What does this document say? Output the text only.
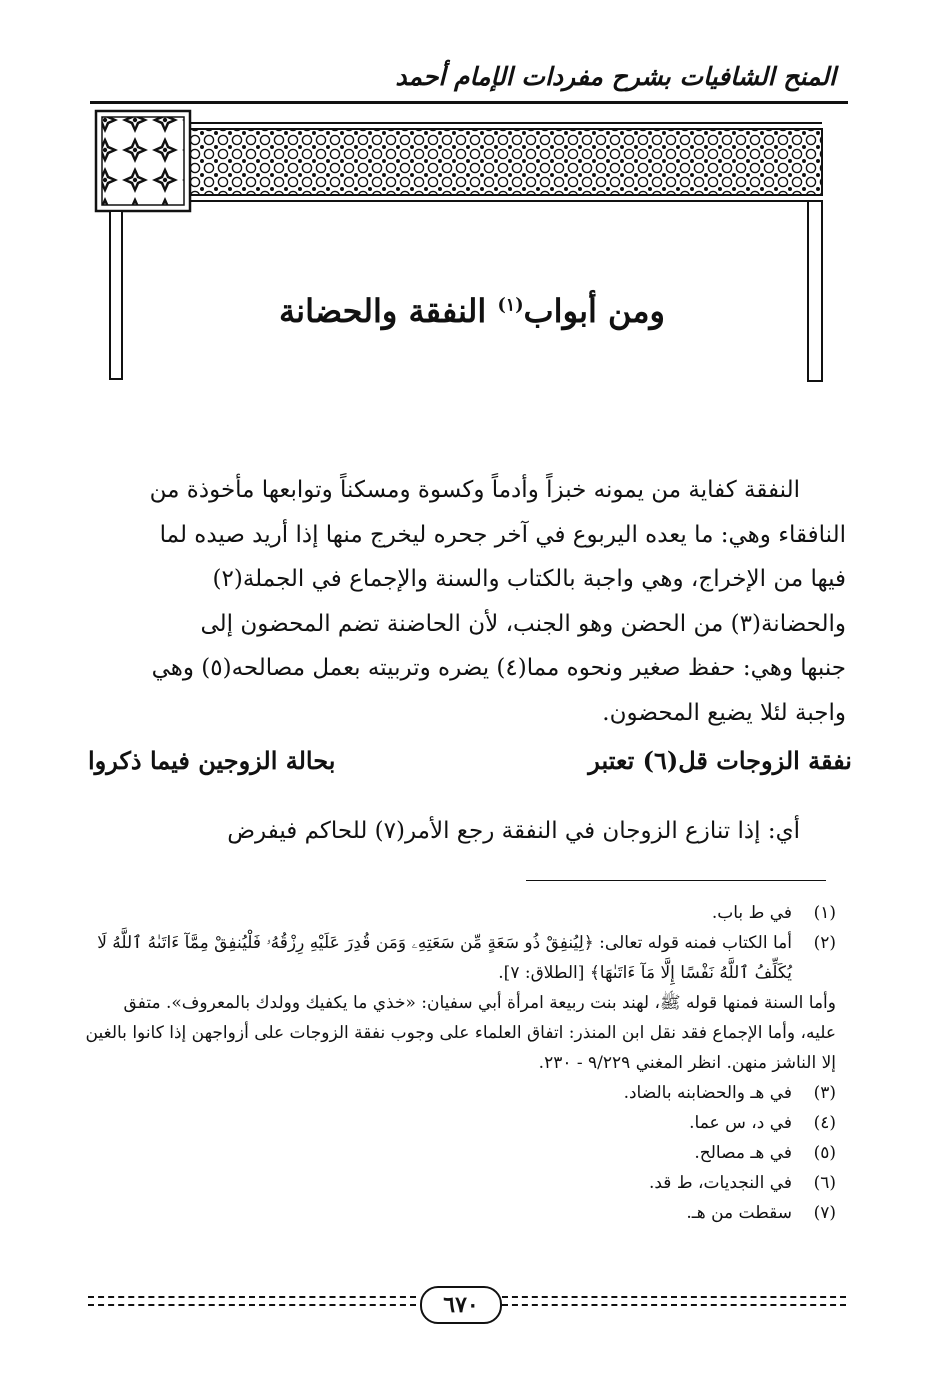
المنح الشافيات بشرح مفردات الإمام أحمد
ومن أبواب$^{(١)}$ النفقة والحضانة

النفقة كفاية من يمونه خبزاً وأدماً وكسوة ومسكناً وتوابعها مأخوذة من

النافقاء وهي: ما يعده اليربوع في آخر جحره ليخرج منها إذا أريد صيده لما

فيها من الإخراج، وهي واجبة بالكتاب والسنة والإجماع في الجملة(٢)

والحضانة(٣) من الحضن وهو الجنب، لأن الحاضنة تضم المحضون إلى

جنبها وهي: حفظ صغير ونحوه مما(٤) يضره وتربيته بعمل مصالحه(٥) وهي

واجبة لئلا يضيع المحضون.

نفقة الزوجات قل(٦) تعتبر
بحالة الزوجين فيما ذكروا
أي: إذا تنازع الزوجان في النفقة رجع الأمر(٧) للحاكم فيفرض
(١)
في ط باب.
(٢)
أما الكتاب فمنه قوله تعالى: ﴿لِيُنفِقْ ذُو سَعَةٍ مِّن سَعَتِهِۦ وَمَن قُدِرَ عَلَيْهِ رِزْقُهُۥ فَلْيُنفِقْ مِمَّآ ءَاتَىٰهُ ٱللَّهُ لَا يُكَلِّفُ ٱللَّهُ نَفْسًا إِلَّا مَآ ءَاتَىٰهَا﴾ [الطلاق: ٧].
وأما السنة فمنها قوله ﷺ، لهند بنت ربيعة امرأة أبي سفيان: «خذي ما يكفيك وولدك بالمعروف». متفق عليه، وأما الإجماع فقد نقل ابن المنذر: اتفاق العلماء على وجوب نفقة الزوجات على أزواجهن إذا كانوا بالغين إلا الناشز منهن. انظر المغني ٩/٢٢٩ - ٢٣٠.
(٣)
في هـ والحضابنه بالضاد.
(٤)
في د، س عما.
(٥)
في هـ مصالح.
(٦)
في النجديات، ط قد.
(٧)
سقطت من هـ.
٦٧٠
